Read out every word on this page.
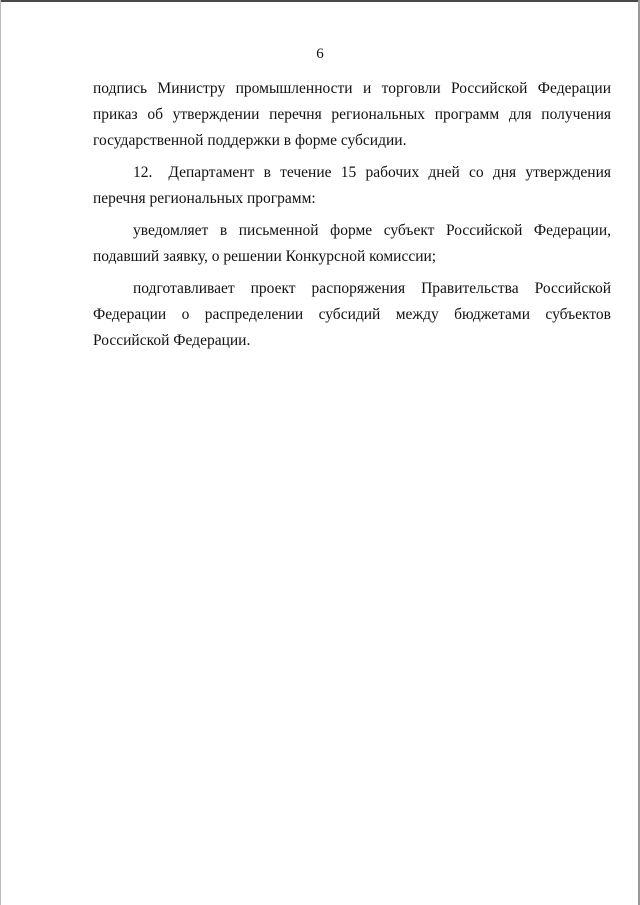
6

подпись Министру промышленности и торговли Российской Федерации приказ об утверждении перечня региональных программ для получения государственной поддержки в форме субсидии.

12. Департамент в течение 15 рабочих дней со дня утверждения перечня региональных программ:

уведомляет в письменной форме субъект Российской Федерации, подавший заявку, о решении Конкурсной комиссии;

подготавливает проект распоряжения Правительства Российской Федерации о распределении субсидий между бюджетами субъектов Российской Федерации.
